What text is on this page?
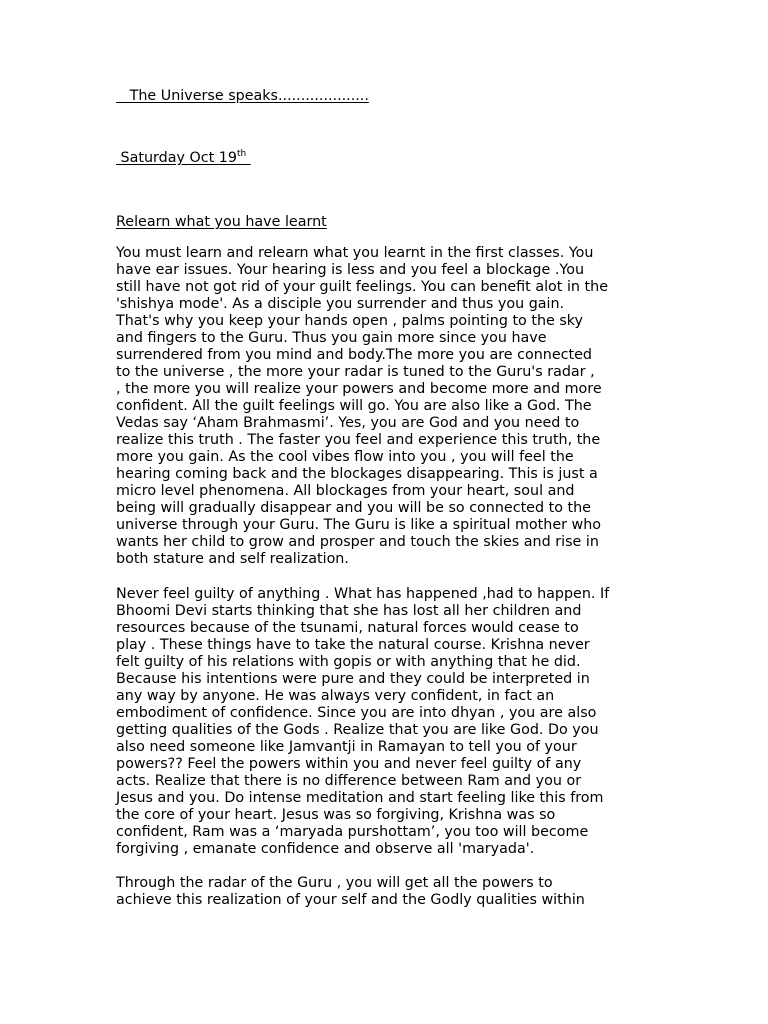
The Universe speaks....................
Saturday Oct 19th
Relearn what you have learnt
You must learn and relearn what you learnt in the first classes. You
have ear issues. Your hearing is less and you feel a blockage .You
still have not got rid of your guilt feelings. You can benefit alot in the
'shishya mode'. As a disciple you surrender and thus you gain.
That's why you keep your hands open , palms pointing to the sky
and fingers to the Guru. Thus you gain more since you have
surrendered from you mind and body.The more you are connected
to the universe , the more your radar is tuned to the Guru's radar ,
, the more you will realize your powers and become more and more
confident. All the guilt feelings will go. You are also like a God. The
Vedas say ‘Aham Brahmasmi’. Yes, you are God and you need to
realize this truth . The faster you feel and experience this truth, the
more you gain. As the cool vibes flow into you , you will feel the
hearing coming back and the blockages disappearing. This is just a
micro level phenomena. All blockages from your heart, soul and
being will gradually disappear and you will be so connected to the
universe through your Guru. The Guru is like a spiritual mother who
wants her child to grow and prosper and touch the skies and rise in
both stature and self realization.
Never feel guilty of anything . What has happened ,had to happen. If
Bhoomi Devi starts thinking that she has lost all her children and
resources because of the tsunami, natural forces would cease to
play . These things have to take the natural course. Krishna never
felt guilty of his relations with gopis or with anything that he did.
Because his intentions were pure and they could be interpreted in
any way by anyone. He was always very confident, in fact an
embodiment of confidence. Since you are into dhyan , you are also
getting qualities of the Gods . Realize that you are like God. Do you
also need someone like Jamvantji in Ramayan to tell you of your
powers?? Feel the powers within you and never feel guilty of any
acts. Realize that there is no difference between Ram and you or
Jesus and you. Do intense meditation and start feeling like this from
the core of your heart. Jesus was so forgiving, Krishna was so
confident, Ram was a ‘maryada purshottam’, you too will become
forgiving , emanate confidence and observe all 'maryada'.
Through the radar of the Guru , you will get all the powers to
achieve this realization of your self and the Godly qualities within
